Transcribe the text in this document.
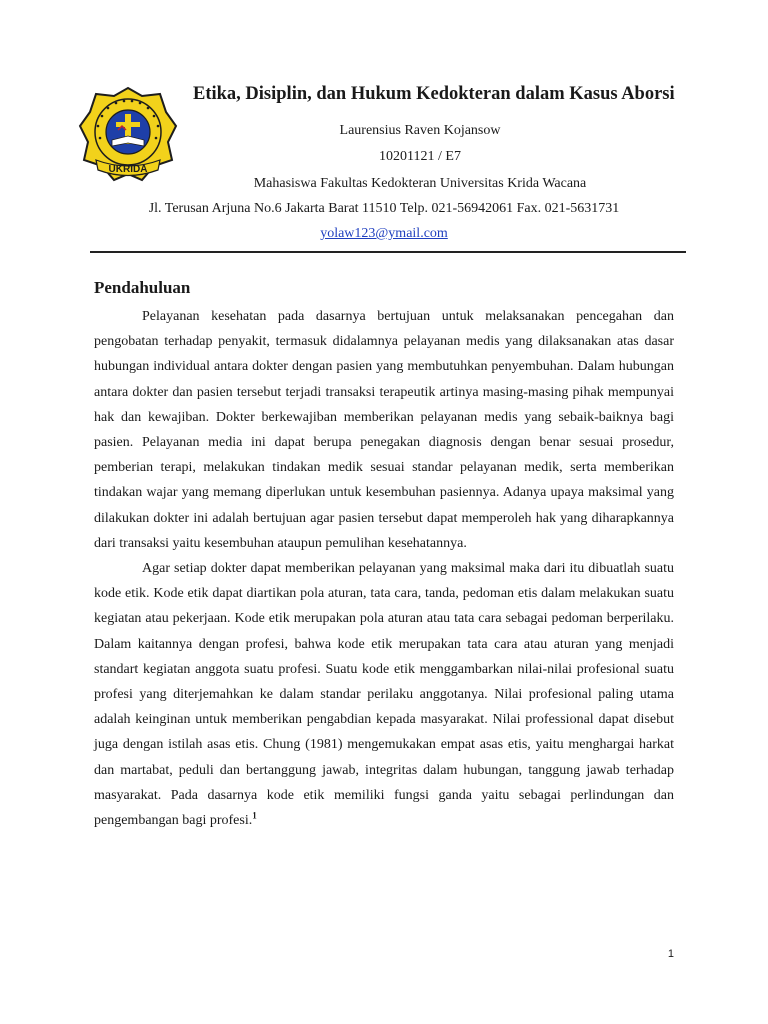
UKRIDA
Etika, Disiplin, dan Hukum Kedokteran dalam Kasus Aborsi
Laurensius Raven Kojansow
10201121 / E7
Mahasiswa Fakultas Kedokteran Universitas Krida Wacana
Jl. Terusan Arjuna No.6 Jakarta Barat 11510 Telp. 021-56942061 Fax. 021-5631731
yolaw123@ymail.com
Pendahuluan

Pelayanan kesehatan pada dasarnya bertujuan untuk melaksanakan pencegahan dan pengobatan terhadap penyakit, termasuk didalamnya pelayanan medis yang dilaksanakan atas dasar hubungan individual antara dokter dengan pasien yang membutuhkan penyembuhan. Dalam hubungan antara dokter dan pasien tersebut terjadi transaksi terapeutik artinya masing-masing pihak mempunyai hak dan kewajiban. Dokter berkewajiban memberikan pelayanan medis yang sebaik-baiknya bagi pasien. Pelayanan media ini dapat berupa penegakan diagnosis dengan benar sesuai prosedur, pemberian terapi, melakukan tindakan medik sesuai standar pelayanan medik, serta memberikan tindakan wajar yang memang diperlukan untuk kesembuhan pasiennya. Adanya upaya maksimal yang dilakukan dokter ini adalah bertujuan agar pasien tersebut dapat memperoleh hak yang diharapkannya dari transaksi yaitu kesembuhan ataupun pemulihan kesehatannya.

Agar setiap dokter dapat memberikan pelayanan yang maksimal maka dari itu dibuatlah suatu kode etik. Kode etik dapat diartikan pola aturan, tata cara, tanda, pedoman etis dalam melakukan suatu kegiatan atau pekerjaan. Kode etik merupakan pola aturan atau tata cara sebagai pedoman berperilaku. Dalam kaitannya dengan profesi, bahwa kode etik merupakan tata cara atau aturan yang menjadi standart kegiatan anggota suatu profesi. Suatu kode etik menggambarkan nilai-nilai profesional suatu profesi yang diterjemahkan ke dalam standar perilaku anggotanya. Nilai profesional paling utama adalah keinginan untuk memberikan pengabdian kepada masyarakat. Nilai professional dapat disebut juga dengan istilah asas etis. Chung (1981) mengemukakan empat asas etis, yaitu menghargai harkat dan martabat, peduli dan bertanggung jawab, integritas dalam hubungan, tanggung jawab terhadap masyarakat. Pada dasarnya kode etik memiliki fungsi ganda yaitu sebagai perlindungan dan pengembangan bagi profesi.$^1$

1
